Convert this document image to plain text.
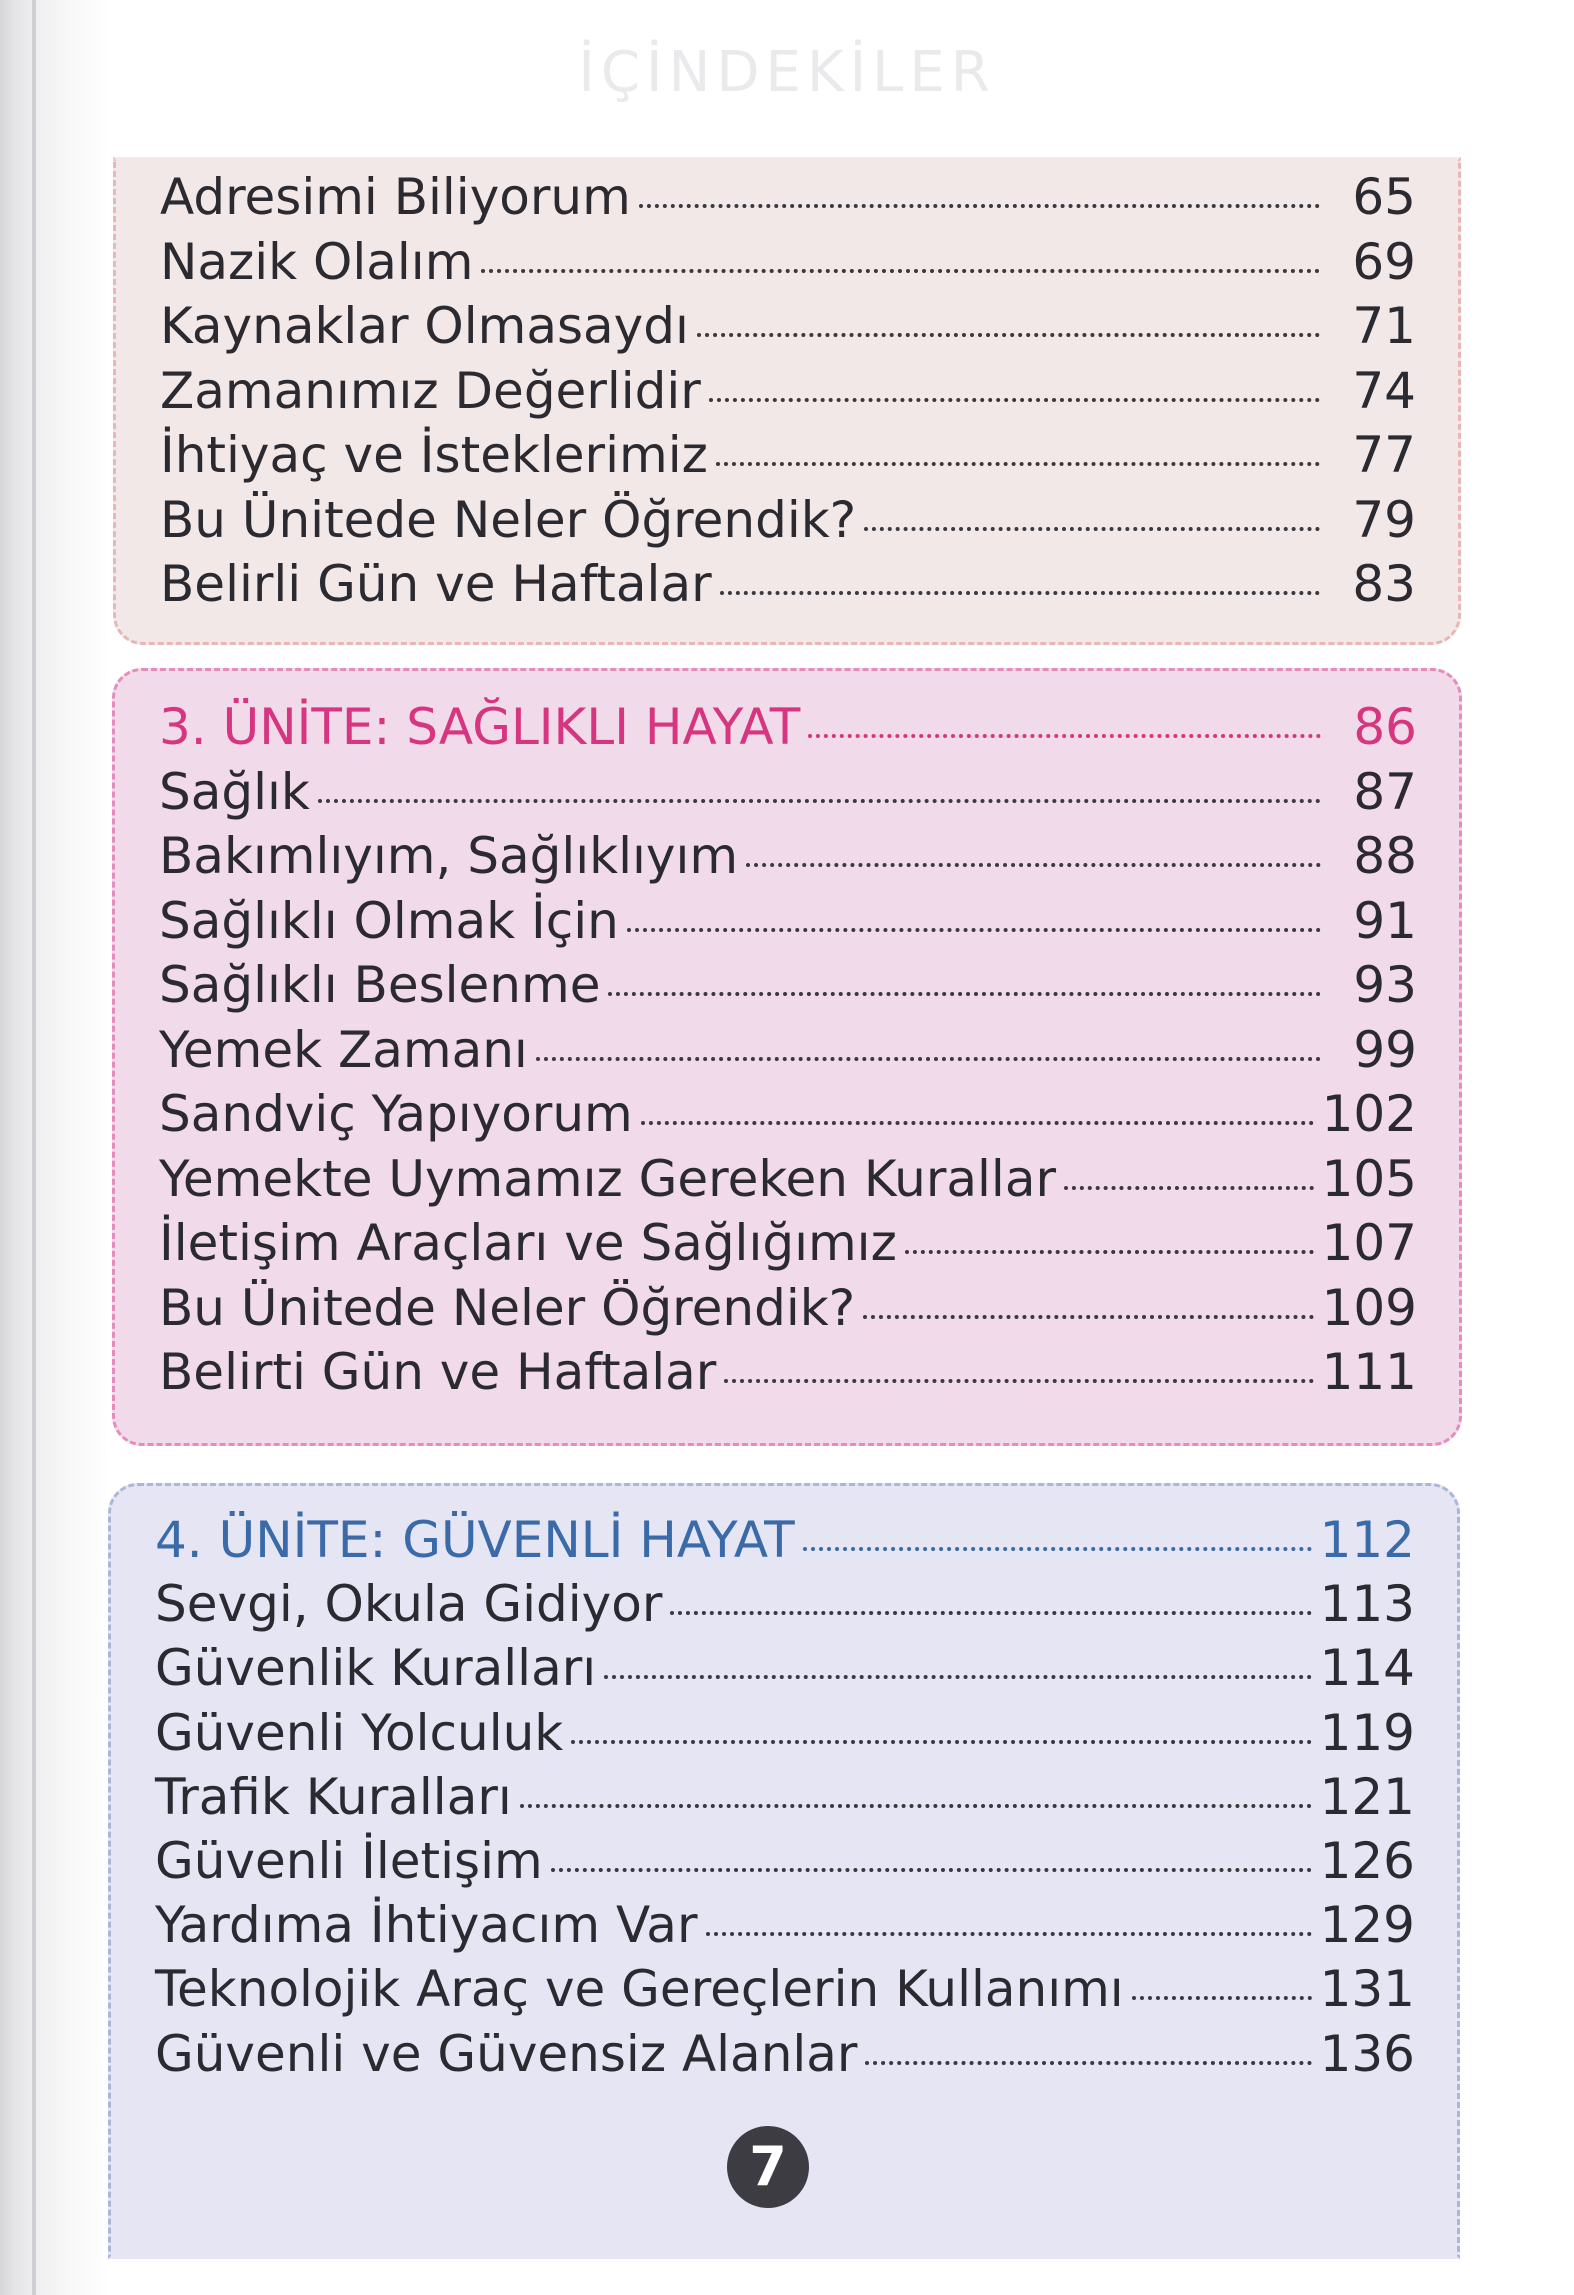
İÇİNDEKİLER
Adresimi Biliyorum	65
Nazik Olalım	69
Kaynaklar Olmasaydı	71
Zamanımız Değerlidir	74
İhtiyaç ve İsteklerimiz	77
Bu Ünitede Neler Öğrendik?	79
Belirli Gün ve Haftalar	83
3. ÜNİTE: SAĞLIKLI HAYAT	86
Sağlık	87
Bakımlıyım, Sağlıklıyım	88
Sağlıklı Olmak İçin	91
Sağlıklı Beslenme	93
Yemek Zamanı	99
Sandviç Yapıyorum	102
Yemekte Uymamız Gereken Kurallar	105
İletişim Araçları ve Sağlığımız	107
Bu Ünitede Neler Öğrendik?	109
Belirti Gün ve Haftalar	111
4. ÜNİTE: GÜVENLİ HAYAT	112
Sevgi, Okula Gidiyor	113
Güvenlik Kuralları	114
Güvenli Yolculuk	119
Trafik Kuralları	121
Güvenli İletişim	126
Yardıma İhtiyacım Var	129
Teknolojik Araç ve Gereçlerin Kullanımı	131
Güvenli ve Güvensiz Alanlar	136
7
